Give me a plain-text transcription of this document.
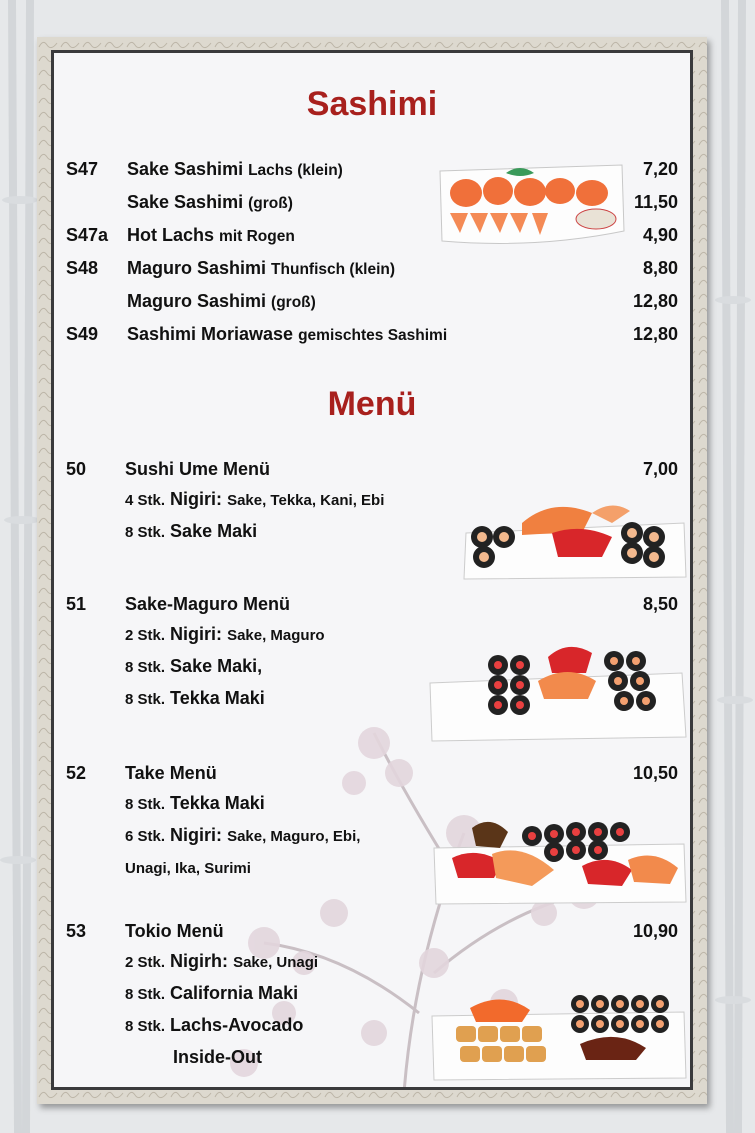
Sashimi
S47 Sake Sashimi Lachs (klein)	7,20
Sake Sashimi (groß)	11,50
S47a Hot Lachs mit Rogen	4,90
S48 Maguro Sashimi Thunfisch (klein)	8,80
Maguro Sashimi (groß)	12,80
S49 Sashimi Moriawase gemischtes Sashimi	12,80
Menü
50 Sushi Ume Menü	7,00
4 Stk. Nigiri: Sake, Tekka, Kani, Ebi
8 Stk. Sake Maki
51 Sake-Maguro Menü	8,50
2 Stk. Nigiri: Sake, Maguro
8 Stk. Sake Maki,
8 Stk. Tekka Maki
52 Take Menü	10,50
8 Stk. Tekka Maki
6 Stk. Nigiri: Sake, Maguro, Ebi,
Unagi, Ika, Surimi
53 Tokio Menü	10,90
2 Stk. Nigirh: Sake, Unagi
8 Stk. California Maki
8 Stk. Lachs-Avocado
Inside-Out
